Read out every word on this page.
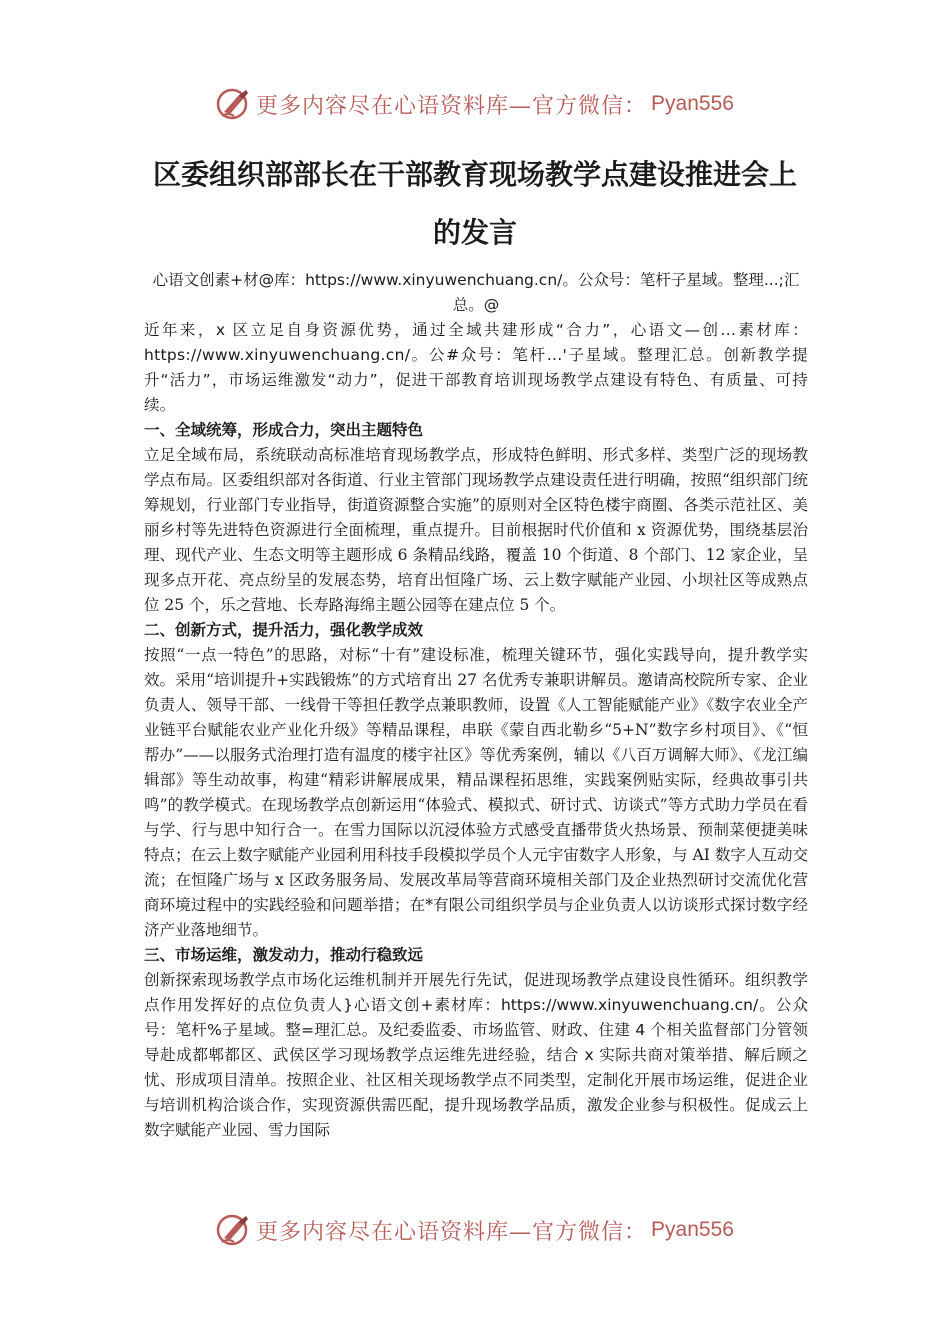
更多内容尽在心语资料库—官方微信： Pyan556
区委组织部部长在干部教育现场教学点建设推进会上的发言

心语文创素+材@库：https://www.xinyuwenchuang.cn/。公众号：笔杆子星域。整理...;汇总。@

近年来，x 区立足自身资源优势，通过全域共建形成“合力”，心语文—创...素材库：https://www.xinyuwenchuang.cn/。公#众号：笔杆...'子星域。整理汇总。创新教学提升“活力”，市场运维激发“动力”，促进干部教育培训现场教学点建设有特色、有质量、可持续。

一、全域统筹，形成合力，突出主题特色

立足全域布局，系统联动高标准培育现场教学点，形成特色鲜明、形式多样、类型广泛的现场教学点布局。区委组织部对各街道、行业主管部门现场教学点建设责任进行明确，按照“组织部门统筹规划，行业部门专业指导，街道资源整合实施”的原则对全区特色楼宇商圈、各类示范社区、美丽乡村等先进特色资源进行全面梳理，重点提升。目前根据时代价值和 x 资源优势，围绕基层治理、现代产业、生态文明等主题形成 6 条精品线路，覆盖 10 个街道、8 个部门、12 家企业，呈现多点开花、亮点纷呈的发展态势，培育出恒隆广场、云上数字赋能产业园、小坝社区等成熟点位 25 个，乐之营地、长寿路海绵主题公园等在建点位 5 个。

二、创新方式，提升活力，强化教学成效

按照“一点一特色”的思路，对标“十有”建设标准，梳理关键环节，强化实践导向，提升教学实效。采用“培训提升+实践锻炼”的方式培育出 27 名优秀专兼职讲解员。邀请高校院所专家、企业负责人、领导干部、一线骨干等担任教学点兼职教师，设置《人工智能赋能产业》《数字农业全产业链平台赋能农业产业化升级》等精品课程，串联《蒙自西北勒乡“5+N”数字乡村项目》、《“恒帮办”——以服务式治理打造有温度的楼宇社区》等优秀案例，辅以《八百万调解大师》、《龙江编辑部》等生动故事，构建“精彩讲解展成果，精品课程拓思维，实践案例贴实际，经典故事引共鸣”的教学模式。在现场教学点创新运用“体验式、模拟式、研讨式、访谈式”等方式助力学员在看与学、行与思中知行合一。在雪力国际以沉浸体验方式感受直播带货火热场景、预制菜便捷美味特点；在云上数字赋能产业园利用科技手段模拟学员个人元宇宙数字人形象，与 AI 数字人互动交流；在恒隆广场与 x 区政务服务局、发展改革局等营商环境相关部门及企业热烈研讨交流优化营商环境过程中的实践经验和问题举措；在*有限公司组织学员与企业负责人以访谈形式探讨数字经济产业落地细节。

三、市场运维，激发动力，推动行稳致远

创新探索现场教学点市场化运维机制并开展先行先试，促进现场教学点建设良性循环。组织教学点作用发挥好的点位负责人}心语文创+素材库：https://www.xinyuwenchuang.cn/。公众号：笔杆%子星域。整=理汇总。及纪委监委、市场监管、财政、住建 4 个相关监督部门分管领导赴成都郫都区、武侯区学习现场教学点运维先进经验，结合 x 实际共商对策举措、解后顾之忧、形成项目清单。按照企业、社区相关现场教学点不同类型，定制化开展市场运维，促进企业与培训机构洽谈合作，实现资源供需匹配，提升现场教学品质，激发企业参与积极性。促成云上数字赋能产业园、雪力国际

更多内容尽在心语资料库—官方微信： Pyan556
